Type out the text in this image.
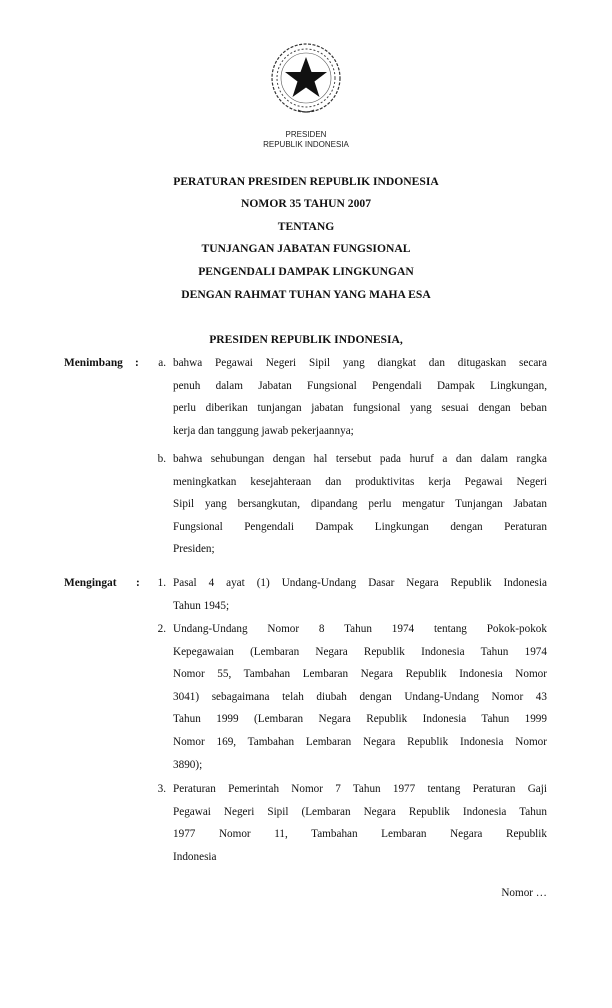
PRESIDEN
REPUBLIK INDONESIA
PERATURAN PRESIDEN REPUBLIK INDONESIA
NOMOR 35 TAHUN 2007
TENTANG
TUNJANGAN JABATAN FUNGSIONAL
PENGENDALI DAMPAK LINGKUNGAN
DENGAN RAHMAT TUHAN YANG MAHA ESA
PRESIDEN REPUBLIK INDONESIA,
Menimbang :	a. bahwa Pegawai Negeri Sipil yang diangkat dan ditugaskan secara
penuh dalam Jabatan Fungsional Pengendali Dampak Lingkungan,
perlu diberikan tunjangan jabatan fungsional yang sesuai dengan beban
kerja dan tanggung jawab pekerjaannya;
b. bahwa sehubungan dengan hal tersebut pada huruf a dan dalam rangka
meningkatkan kesejahteraan dan produktivitas kerja Pegawai Negeri
Sipil yang bersangkutan, dipandang perlu mengatur Tunjangan Jabatan
Fungsional Pengendali Dampak Lingkungan dengan Peraturan
Presiden;
Mengingat :	1. Pasal 4 ayat (1) Undang-Undang Dasar Negara Republik Indonesia
Tahun 1945;
2. Undang-Undang Nomor 8 Tahun 1974 tentang Pokok-pokok
Kepegawaian (Lembaran Negara Republik Indonesia Tahun 1974
Nomor 55, Tambahan Lembaran Negara Republik Indonesia Nomor
3041) sebagaimana telah diubah dengan Undang-Undang Nomor 43
Tahun 1999 (Lembaran Negara Republik Indonesia Tahun 1999
Nomor 169, Tambahan Lembaran Negara Republik Indonesia Nomor
3890);
3. Peraturan Pemerintah Nomor 7 Tahun 1977 tentang Peraturan Gaji
Pegawai Negeri Sipil (Lembaran Negara Republik Indonesia Tahun
1977 Nomor 11, Tambahan Lembaran Negara Republik
Indonesia
Nomor …
